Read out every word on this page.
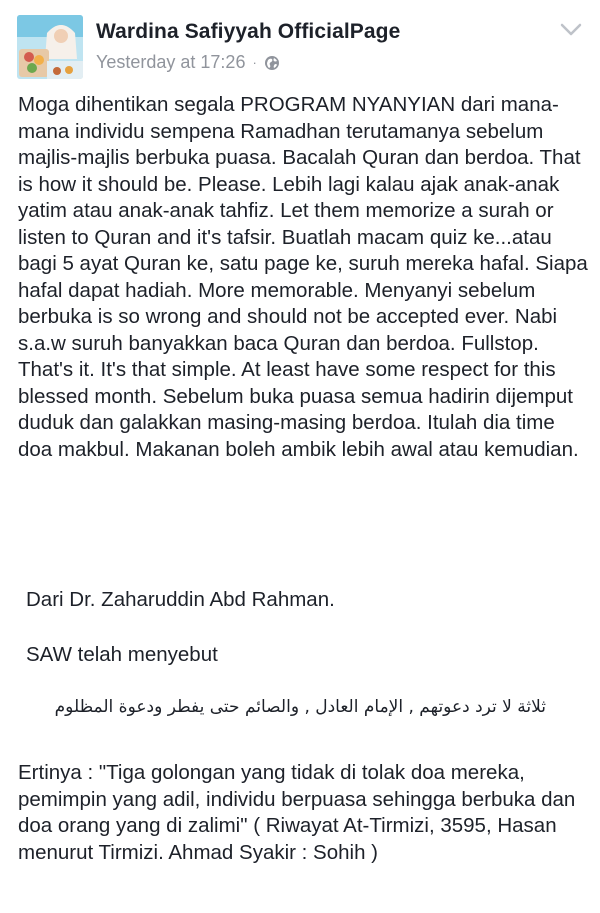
Wardina Safiyyah OfficialPage
Yesterday at 17:26 ·

Moga dihentikan segala PROGRAM NYANYIAN dari mana-mana individu sempena Ramadhan terutamanya sebelum majlis-majlis berbuka puasa. Bacalah Quran dan berdoa. That is how it should be. Please. Lebih lagi kalau ajak anak-anak yatim atau anak-anak tahfiz. Let them memorize a surah or listen to Quran and it's tafsir. Buatlah macam quiz ke...atau bagi 5 ayat Quran ke, satu page ke, suruh mereka hafal. Siapa hafal dapat hadiah. More memorable. Menyanyi sebelum berbuka is so wrong and should not be accepted ever. Nabi s.a.w suruh banyakkan baca Quran dan berdoa. Fullstop. That's it. It's that simple. At least have some respect for this blessed month. Sebelum buka puasa semua hadirin dijemput duduk dan galakkan masing-masing berdoa. Itulah dia time doa makbul. Makanan boleh ambik lebih awal atau kemudian.

Dari Dr. Zaharuddin Abd Rahman.
SAW telah menyebut
ثلاثة لا ترد دعوتهم , الإمام العادل , والصائم حتى يفطر ودعوة المظلوم
Ertinya : "Tiga golongan yang tidak di tolak doa mereka, pemimpin yang adil, individu berpuasa sehingga berbuka dan doa orang yang di zalimi" ( Riwayat At-Tirmizi, 3595, Hasan menurut Tirmizi. Ahmad Syakir : Sohih )
